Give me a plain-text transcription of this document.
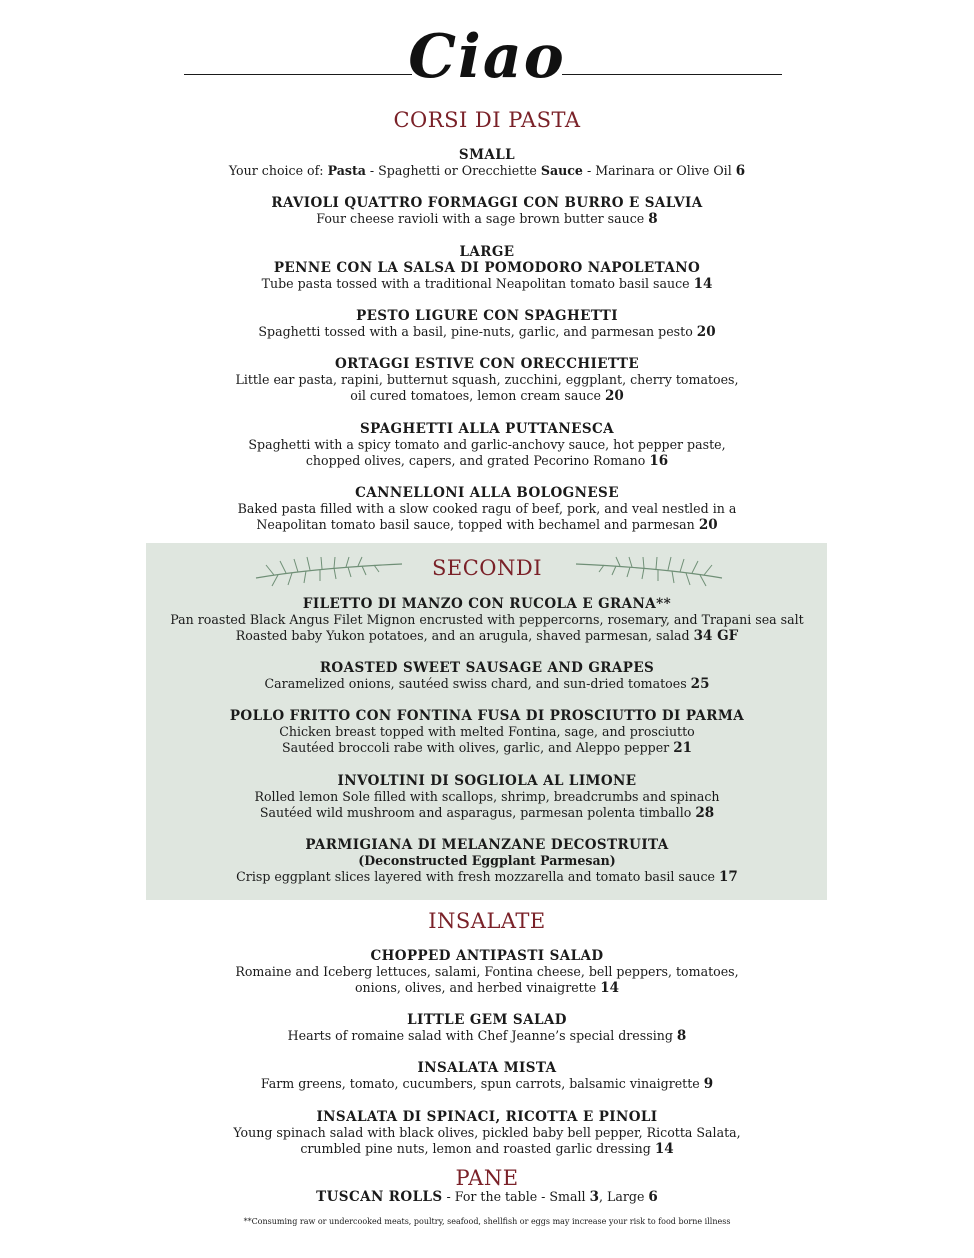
Ciao
CORSI DI PASTA
SMALL
Your choice of: Pasta - Spaghetti or Orecchiette Sauce - Marinara or Olive Oil 6
RAVIOLI QUATTRO FORMAGGI CON BURRO E SALVIA
Four cheese ravioli with a sage brown butter sauce 8
LARGE
PENNE CON LA SALSA DI POMODORO NAPOLETANO
Tube pasta tossed with a traditional Neapolitan tomato basil sauce 14
PESTO LIGURE CON SPAGHETTI
Spaghetti tossed with a basil, pine-nuts, garlic, and parmesan pesto 20
ORTAGGI ESTIVE CON ORECCHIETTE
Little ear pasta, rapini, butternut squash, zucchini, eggplant, cherry tomatoes,
oil cured tomatoes, lemon cream sauce 20
SPAGHETTI ALLA PUTTANESCA
Spaghetti with a spicy tomato and garlic-anchovy sauce, hot pepper paste,
chopped olives, capers, and grated Pecorino Romano 16
CANNELLONI ALLA BOLOGNESE
Baked pasta filled with a slow cooked ragu of beef, pork, and veal nestled in a
Neapolitan tomato basil sauce, topped with bechamel and parmesan 20
SECONDI
FILETTO DI MANZO CON RUCOLA E GRANA**
Pan roasted Black Angus Filet Mignon encrusted with peppercorns, rosemary, and Trapani sea salt
Roasted baby Yukon potatoes, and an arugula, shaved parmesan, salad 34 GF
ROASTED SWEET SAUSAGE AND GRAPES
Caramelized onions, sautéed swiss chard, and sun-dried tomatoes 25
POLLO FRITTO CON FONTINA FUSA DI PROSCIUTTO DI PARMA
Chicken breast topped with melted Fontina, sage, and prosciutto
Sautéed broccoli rabe with olives, garlic, and Aleppo pepper 21
INVOLTINI DI SOGLIOLA AL LIMONE
Rolled lemon Sole filled with scallops, shrimp, breadcrumbs and spinach
Sautéed wild mushroom and asparagus, parmesan polenta timballo 28
PARMIGIANA DI MELANZANE DECOSTRUITA
(Deconstructed Eggplant Parmesan)
Crisp eggplant slices layered with fresh mozzarella and tomato basil sauce 17
INSALATE
CHOPPED ANTIPASTI SALAD
Romaine and Iceberg lettuces, salami, Fontina cheese, bell peppers, tomatoes,
onions, olives, and herbed vinaigrette 14
LITTLE GEM SALAD
Hearts of romaine salad with Chef Jeanne’s special dressing 8
INSALATA MISTA
Farm greens, tomato, cucumbers, spun carrots, balsamic vinaigrette 9
INSALATA DI SPINACI, RICOTTA E PINOLI
Young spinach salad with black olives, pickled baby bell pepper, Ricotta Salata,
crumbled pine nuts, lemon and roasted garlic dressing 14
PANE
TUSCAN ROLLS - For the table - Small 3, Large 6
**Consuming raw or undercooked meats, poultry, seafood, shellfish or eggs may increase your risk to food borne illness
